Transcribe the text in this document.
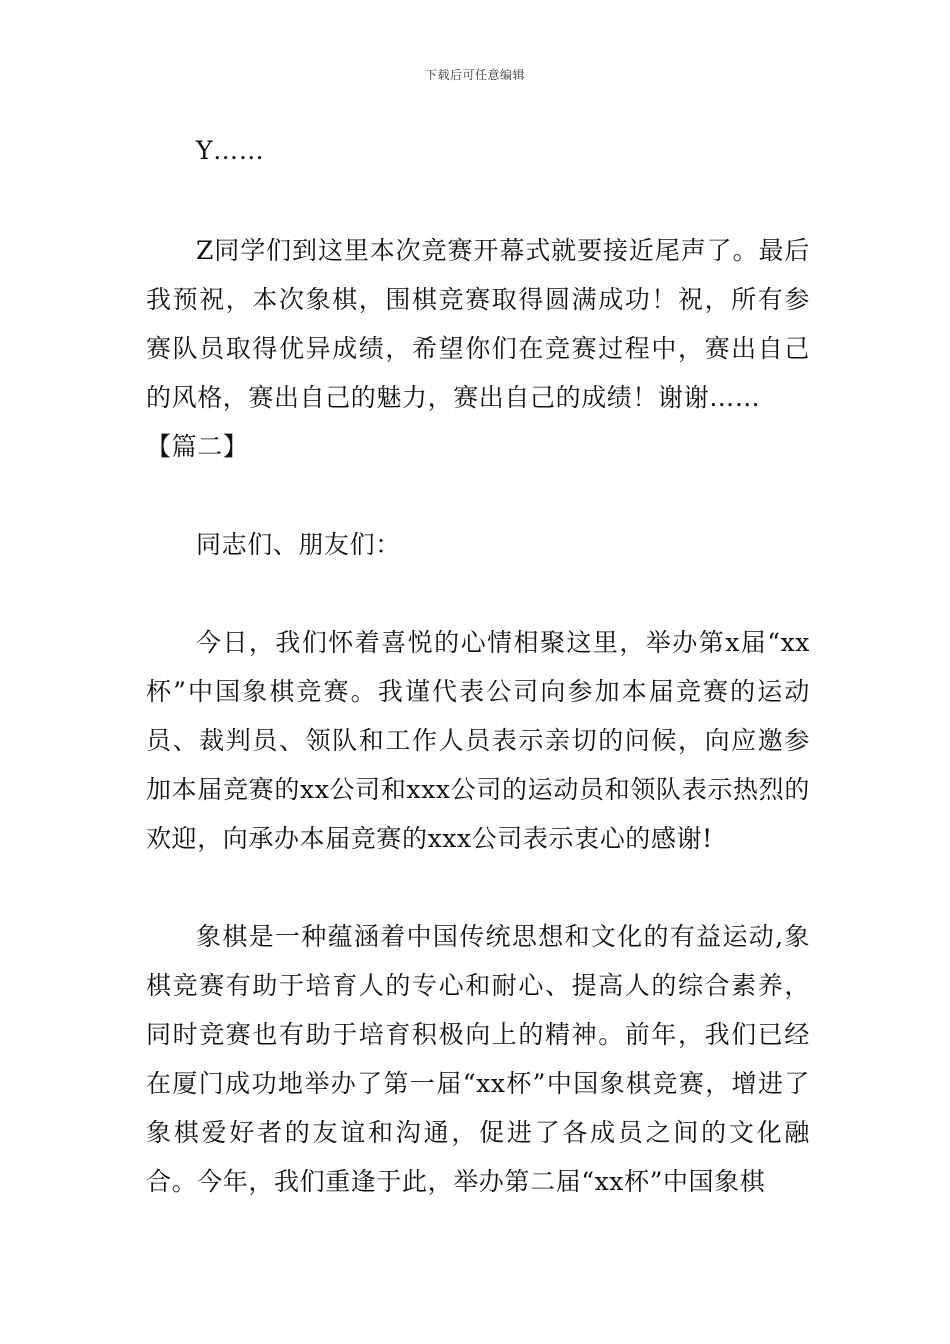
下载后可任意编辑

Y……

Z同学们到这里本次竞赛开幕式就要接近尾声了。最后我预祝，本次象棋，围棋竞赛取得圆满成功！祝，所有参赛队员取得优异成绩，希望你们在竞赛过程中，赛出自己的风格，赛出自己的魅力，赛出自己的成绩！谢谢……

【篇二】

同志们、朋友们：

今日，我们怀着喜悦的心情相聚这里，举办第x届“xx杯”中国象棋竞赛。我谨代表公司向参加本届竞赛的运动员、裁判员、领队和工作人员表示亲切的问候，向应邀参加本届竞赛的xx公司和xxx公司的运动员和领队表示热烈的欢迎，向承办本届竞赛的xxx公司表示衷心的感谢!

象棋是一种蕴涵着中国传统思想和文化的有益运动,象棋竞赛有助于培育人的专心和耐心、提高人的综合素养，同时竞赛也有助于培育积极向上的精神。前年，我们已经在厦门成功地举办了第一届“xx杯”中国象棋竞赛，增进了象棋爱好者的友谊和沟通，促进了各成员之间的文化融合。今年，我们重逢于此，举办第二届“xx杯”中国象棋
